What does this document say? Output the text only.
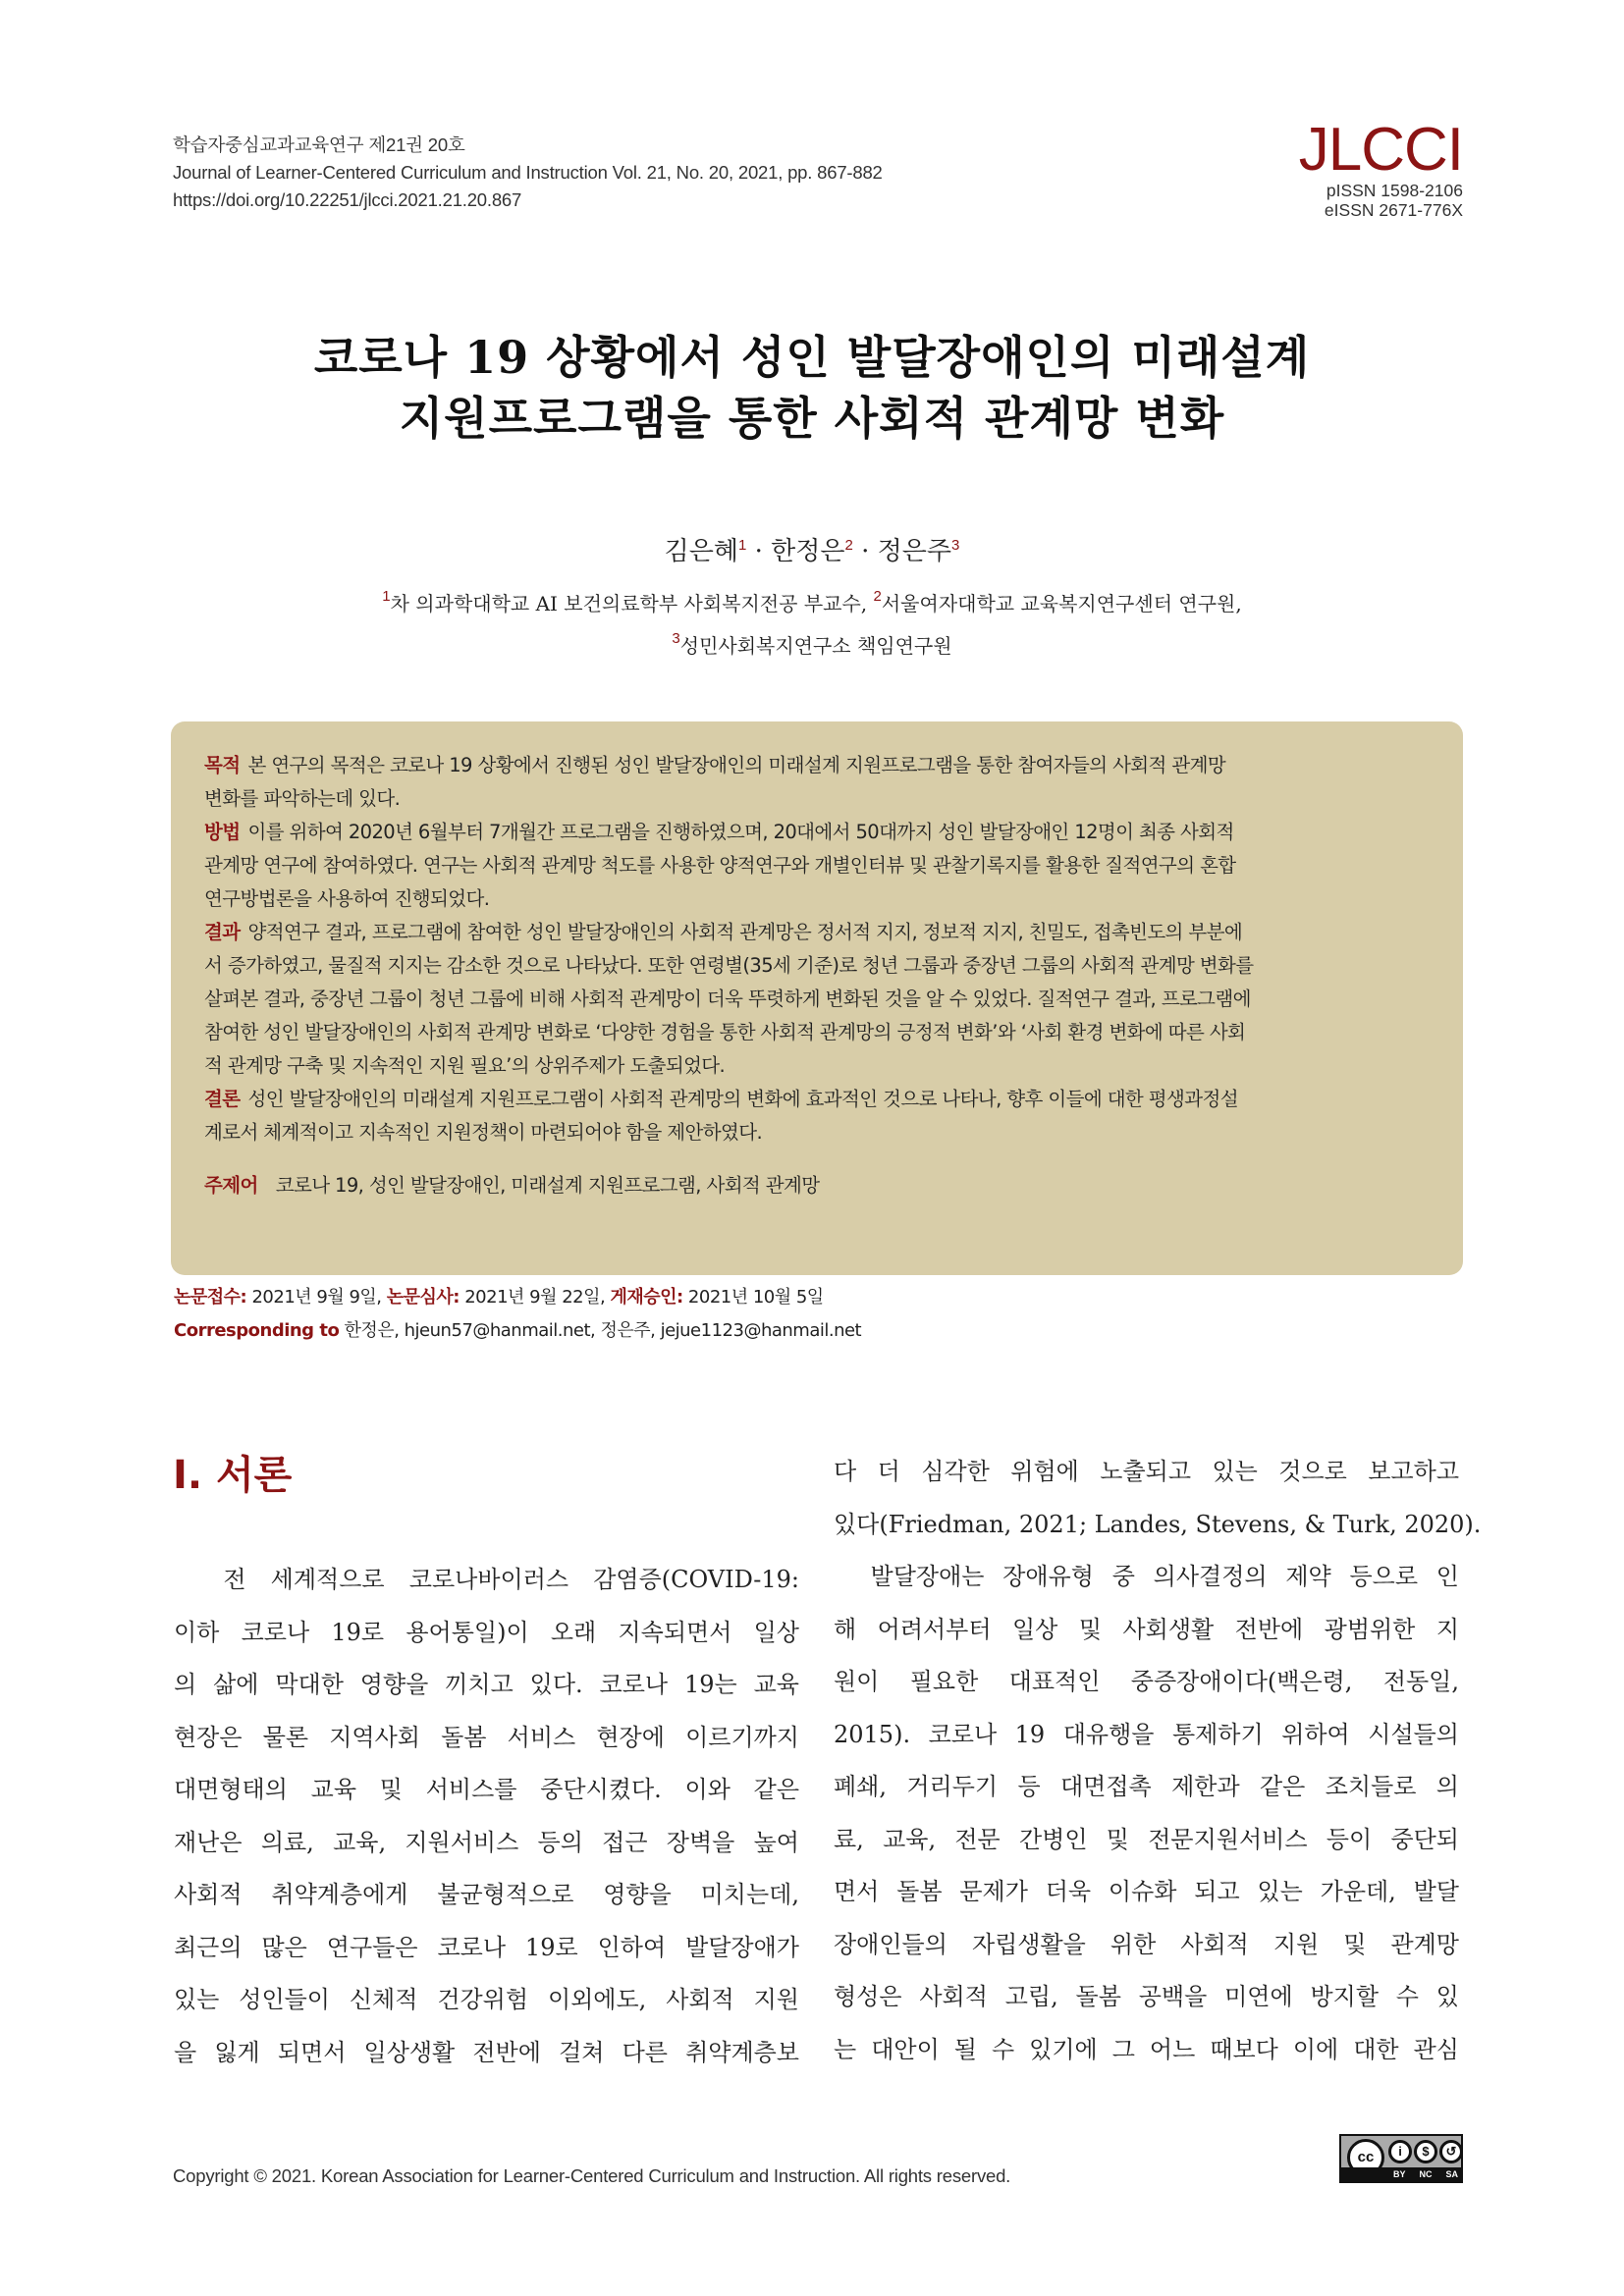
학습자중심교과교육연구 제21권 20호
Journal of Learner-Centered Curriculum and Instruction Vol. 21, No. 20, 2021, pp. 867-882
https://doi.org/10.22251/jlcci.2021.21.20.867
JLCCI
pISSN 1598-2106
eISSN 2671-776X
코로나 19 상황에서 성인 발달장애인의 미래설계
지원프로그램을 통한 사회적 관계망 변화
김은혜$^1$ · 한정은$^2$ · 정은주$^3$
$^1$차 의과학대학교 AI 보건의료학부 사회복지전공 부교수, $^2$서울여자대학교 교육복지연구센터 연구원,
$^3$성민사회복지연구소 책임연구원

목적 본 연구의 목적은 코로나 19 상황에서 진행된 성인 발달장애인의 미래설계 지원프로그램을 통한 참여자들의 사회적 관계망

변화를 파악하는데 있다.

방법 이를 위하여 2020년 6월부터 7개월간 프로그램을 진행하였으며, 20대에서 50대까지 성인 발달장애인 12명이 최종 사회적

관계망 연구에 참여하였다. 연구는 사회적 관계망 척도를 사용한 양적연구와 개별인터뷰 및 관찰기록지를 활용한 질적연구의 혼합

연구방법론을 사용하여 진행되었다.

결과 양적연구 결과, 프로그램에 참여한 성인 발달장애인의 사회적 관계망은 정서적 지지, 정보적 지지, 친밀도, 접촉빈도의 부분에

서 증가하였고, 물질적 지지는 감소한 것으로 나타났다. 또한 연령별(35세 기준)로 청년 그룹과 중장년 그룹의 사회적 관계망 변화를

살펴본 결과, 중장년 그룹이 청년 그룹에 비해 사회적 관계망이 더욱 뚜렷하게 변화된 것을 알 수 있었다. 질적연구 결과, 프로그램에

참여한 성인 발달장애인의 사회적 관계망 변화로 ‘다양한 경험을 통한 사회적 관계망의 긍정적 변화’와 ‘사회 환경 변화에 따른 사회

적 관계망 구축 및 지속적인 지원 필요’의 상위주제가 도출되었다.

결론 성인 발달장애인의 미래설계 지원프로그램이 사회적 관계망의 변화에 효과적인 것으로 나타나, 향후 이들에 대한 평생과정설

계로서 체계적이고 지속적인 지원정책이 마련되어야 함을 제안하였다.

주제어 코로나 19, 성인 발달장애인, 미래설계 지원프로그램, 사회적 관계망

논문접수: 2021년 9월 9일, 논문심사: 2021년 9월 22일, 게재승인: 2021년 10월 5일
Corresponding to 한정은, hjeun57@hanmail.net, 정은주, jejue1123@hanmail.net
Ⅰ. 서론
전 세계적으로 코로나바이러스 감염증(COVID-19:
이하 코로나 19로 용어통일)이 오래 지속되면서 일상
의 삶에 막대한 영향을 끼치고 있다. 코로나 19는 교육
현장은 물론 지역사회 돌봄 서비스 현장에 이르기까지
대면형태의 교육 및 서비스를 중단시켰다. 이와 같은
재난은 의료, 교육, 지원서비스 등의 접근 장벽을 높여
사회적 취약계층에게 불균형적으로 영향을 미치는데,
최근의 많은 연구들은 코로나 19로 인하여 발달장애가
있는 성인들이 신체적 건강위험 이외에도, 사회적 지원
을 잃게 되면서 일상생활 전반에 걸쳐 다른 취약계층보
다 더 심각한 위험에 노출되고 있는 것으로 보고하고
있다(Friedman, 2021; Landes, Stevens, & Turk, 2020).
발달장애는 장애유형 중 의사결정의 제약 등으로 인
해 어려서부터 일상 및 사회생활 전반에 광범위한 지
원이 필요한 대표적인 중증장애이다(백은령, 전동일,
2015). 코로나 19 대유행을 통제하기 위하여 시설들의
폐쇄, 거리두기 등 대면접촉 제한과 같은 조치들로 의
료, 교육, 전문 간병인 및 전문지원서비스 등이 중단되
면서 돌봄 문제가 더욱 이슈화 되고 있는 가운데, 발달
장애인들의 자립생활을 위한 사회적 지원 및 관계망
형성은 사회적 고립, 돌봄 공백을 미연에 방지할 수 있
는 대안이 될 수 있기에 그 어느 때보다 이에 대한 관심
Copyright © 2021. Korean Association for Learner-Centered Curriculum and Instruction. All rights reserved.
cc	i	$	↺
BY NC SA
